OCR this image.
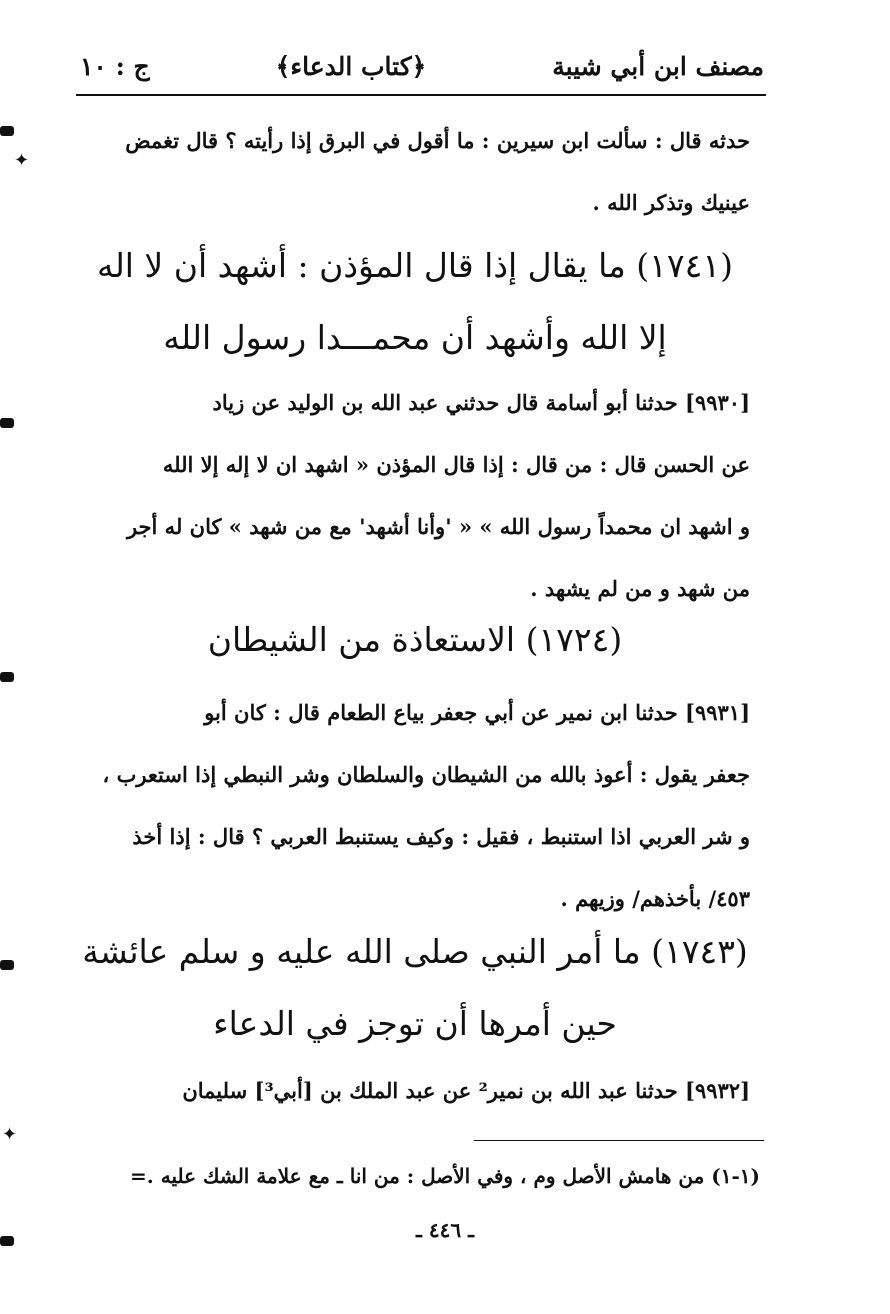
مصنف ابن أبي شيبة
﴿كتاب الدعاء﴾
ج : ١٠
حدثه قال : سألت ابن سيرين : ما أقول في البرق إذا رأيته ؟ قال تغمض
عينيك وتذكر الله .
(١٧٤١) ما يقال إذا قال المؤذن : أشهد أن لا اله
إلا الله وأشهد أن محمـــدا رسول الله
[٩٩٣٠] حدثنا أبو أسامة قال حدثني عبد الله بن الوليد عن زياد
عن الحسن قال : من قال : إذا قال المؤذن « اشهد ان لا إله إلا الله
و اشهد ان محمداً رسول الله » « 'وأنا أشهد' مع من شهد » كان له أجر
من شهد و من لم يشهد .
(١٧٢٤) الاستعاذة من الشيطان
[٩٩٣١] حدثنا ابن نمير عن أبي جعفر بياع الطعام قال : كان أبو
جعفر يقول : أعوذ بالله من الشيطان والسلطان وشر النبطي إذا استعرب ،
و شر العربي اذا استنبط ، فقيل : وكيف يستنبط العربي ؟ قال : إذا أخذ
٤٥٣/ بأخذهم/ وزيهم .
(١٧٤٣) ما أمر النبي صلى الله عليه و سلم عائشة
حين أمرها أن توجز في الدعاء
[٩٩٣٢] حدثنا عبد الله بن نمير² عن عبد الملك بن [أبي³] سليمان
(١-١) من هامش الأصل وم ، وفي الأصل : من انا ـ مع علامة الشك عليه .=
ـ ٤٤٦ ـ
✦
✦
